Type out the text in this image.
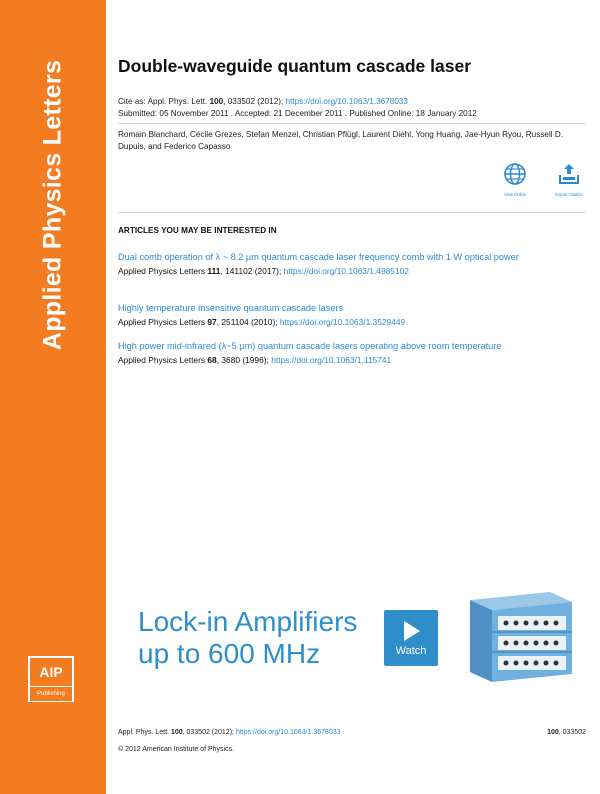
Applied Physics Letters
AIP
Publishing
Double-waveguide quantum cascade laser
Cite as: Appl. Phys. Lett. 100, 033502 (2012); https://doi.org/10.1063/1.3678033
Submitted: 05 November 2011 . Accepted: 21 December 2011 . Published Online: 18 January 2012
Romain Blanchard, Cécile Grezes, Stefan Menzel, Christian Pflügl, Laurent Diehl, Yong Huang, Jae-Hyun Ryou, Russell D. Dupuis, and Federico Capasso
View Online	Export Citation
ARTICLES YOU MAY BE INTERESTED IN
Dual comb operation of λ ~ 8.2 μm quantum cascade laser frequency comb with 1 W optical power
Applied Physics Letters 111, 141102 (2017); https://doi.org/10.1063/1.4985102
Highly temperature insensitive quantum cascade lasers
Applied Physics Letters 97, 251104 (2010); https://doi.org/10.1063/1.3529449
High power mid-infrared (λ~5 μm) quantum cascade lasers operating above room temperature
Applied Physics Letters 68, 3680 (1996); https://doi.org/10.1063/1.115741
Lock-in Amplifiers
up to 600 MHz	Watch
Appl. Phys. Lett. 100, 033502 (2012); https://doi.org/10.1063/1.3678033	100, 033502
© 2012 American Institute of Physics.
